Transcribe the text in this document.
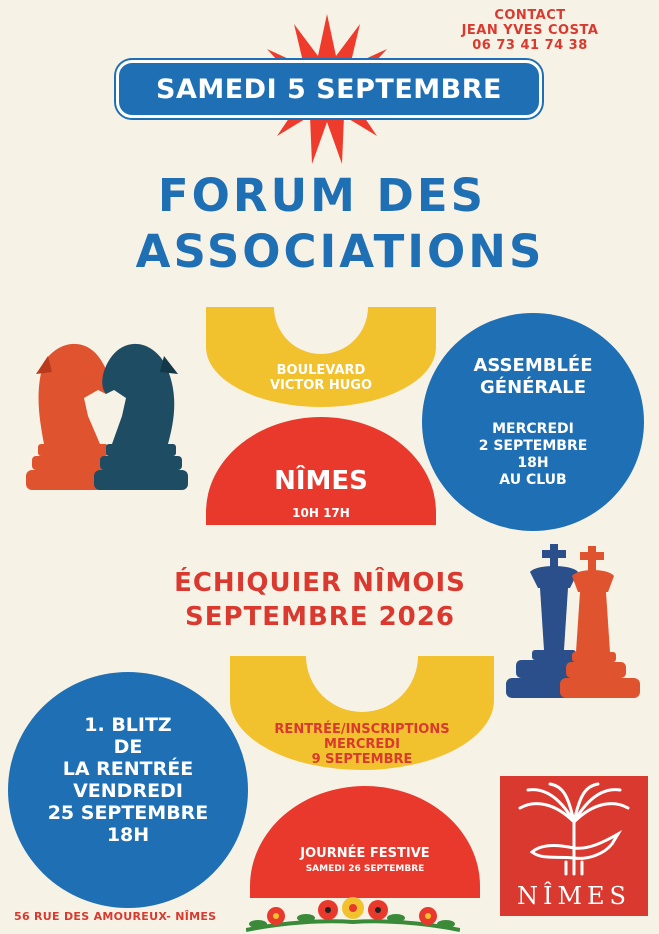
CONTACT
JEAN YVES COSTA
06 73 41 74 38
SAMEDI 5 SEPTEMBRE
FORUM DES
ASSOCIATIONS
BOULEVARD
VICTOR HUGO
NÎMES
10H 17H
ASSEMBLÉE
GÉNÉRALE
MERCREDI
2 SEPTEMBRE
18H
AU CLUB
ÉCHIQUIER NÎMOIS
SEPTEMBRE 2026
RENTRÉE/INSCRIPTIONS
MERCREDI
9 SEPTEMBRE
JOURNÉE FESTIVE
SAMEDI 26 SEPTEMBRE
1. BLITZ
DE
LA RENTRÉE
VENDREDI
25 SEPTEMBRE
18H
NÎMES
56 RUE DES AMOUREUX- NÎMES
